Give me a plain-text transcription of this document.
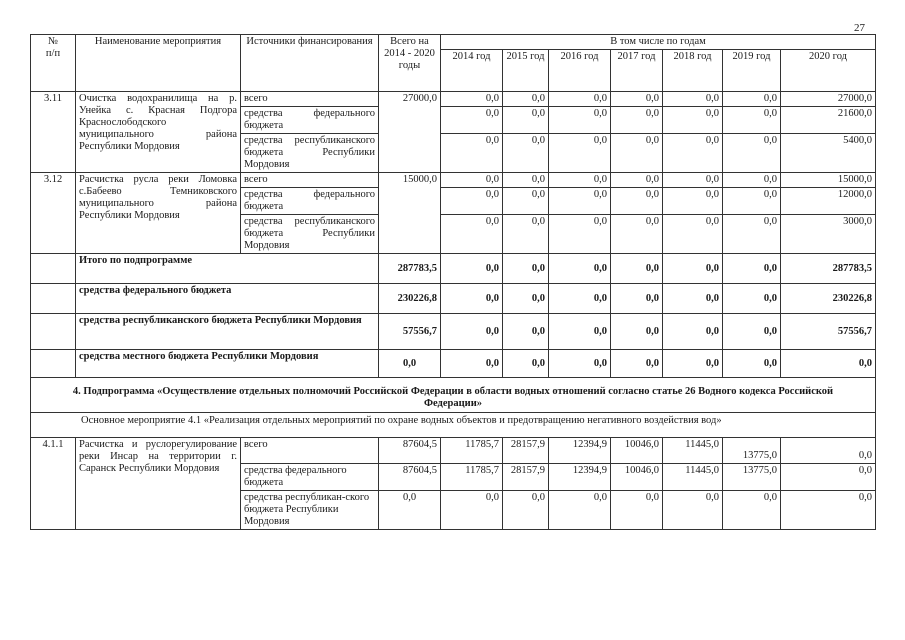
27
№
п/п	Наименование мероприятия	Источники финансирования	Всего на 2014 - 2020 годы	В том числе по годам						
				2014 год	2015 год	2016 год	2017 год	2018 год	2019 год	2020 год
3.11	Очистка водохранилища на р. Унейка с. Красная Подгора Краснослободского муниципального района Республики Мордовия	всего	27000,0	0,0	0,0	0,0	0,0	0,0	0,0	27000,0
		средства федерального бюджета		0,0	0,0	0,0	0,0	0,0	0,0	21600,0
		средства республиканского бюджета Республики Мордовия		0,0	0,0	0,0	0,0	0,0	0,0	5400,0
3.12	Расчистка русла реки Ломовка с.Бабеево Темниковского муниципального района Республики Мордовия	всего	15000,0	0,0	0,0	0,0	0,0	0,0	0,0	15000,0
		средства федерального бюджета		0,0	0,0	0,0	0,0	0,0	0,0	12000,0
		средства республиканского бюджета Республики Мордовия		0,0	0,0	0,0	0,0	0,0	0,0	3000,0
	Итого по подпрограмме		287783,5	0,0	0,0	0,0	0,0	0,0	0,0	287783,5
	средства федерального бюджета		230226,8	0,0	0,0	0,0	0,0	0,0	0,0	230226,8
	средства республиканского бюджета Республики Мордовия		57556,7	0,0	0,0	0,0	0,0	0,0	0,0	57556,7
	средства местного бюджета Республики Мордовия		0,0	0,0	0,0	0,0	0,0	0,0	0,0	0,0
4. Подпрограмма «Осуществление отдельных полномочий Российской Федерации в области водных отношений согласно статье 26 Водного кодекса Российской Федерации»										
Основное мероприятие 4.1 «Реализация отдельных мероприятий по охране водных объектов и предотвращению негативного воздействия вод»										
4.1.1	Расчистка и руслорегулирование реки Инсар на территории г. Саранск Республики Мордовия	всего	87604,5	11785,7	28157,9	12394,9	10046,0	11445,0	13775,0	0,0
		средства федерального бюджета	87604,5	11785,7	28157,9	12394,9	10046,0	11445,0	13775,0	0,0
		средства республикан-ского бюджета Республики Мордовия	0,0	0,0	0,0	0,0	0,0	0,0	0,0	0,0
